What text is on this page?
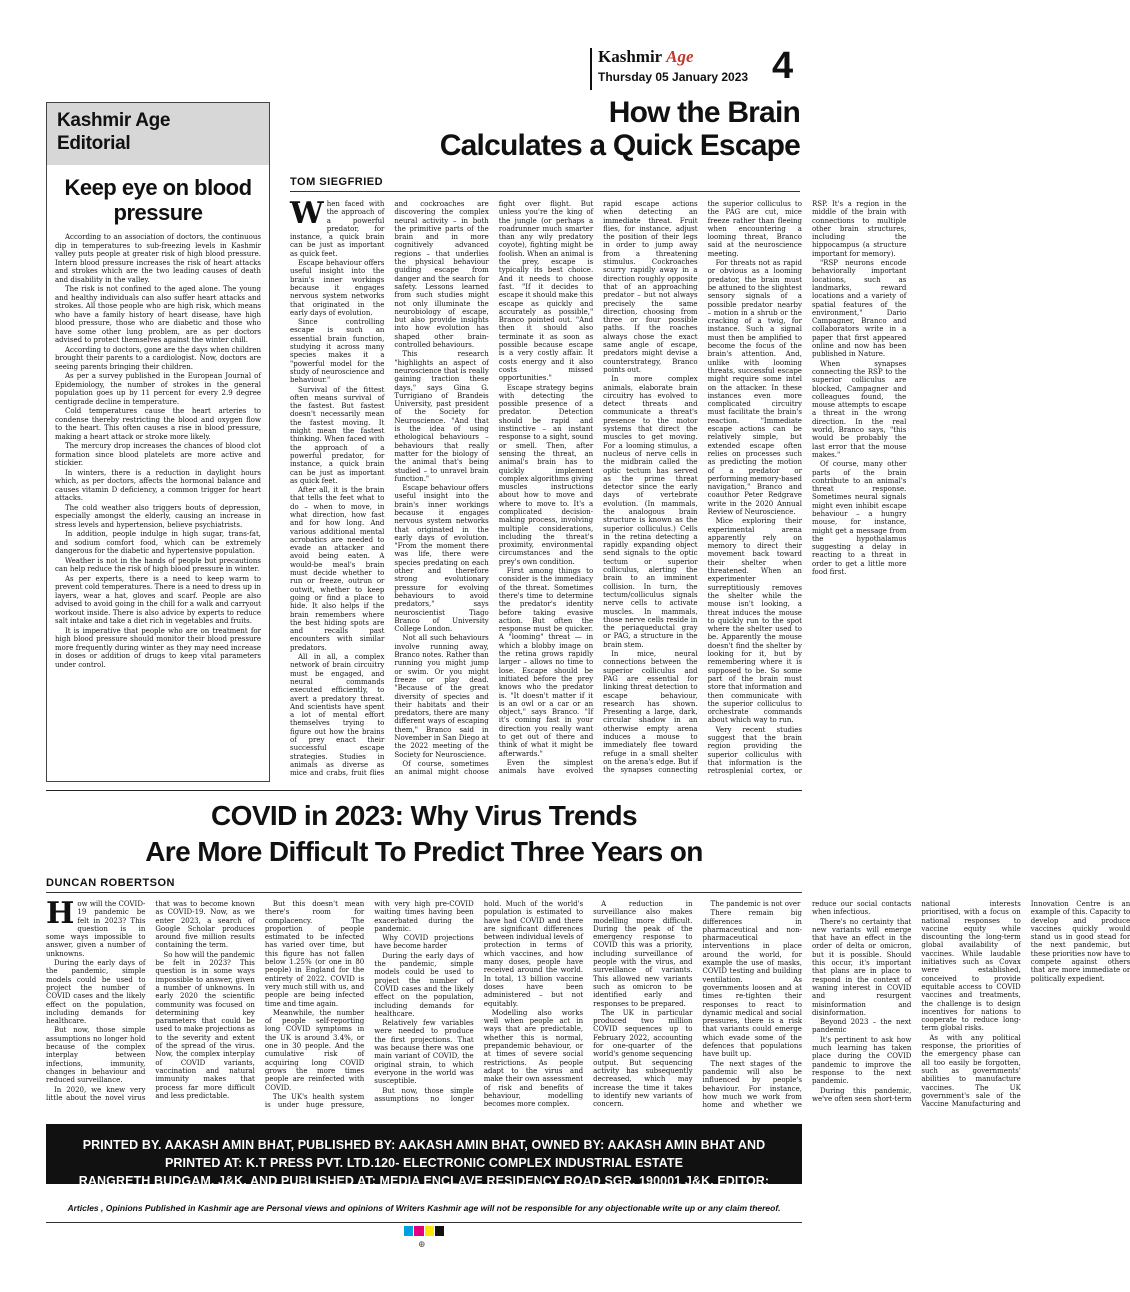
Kashmir Age
Thursday 05 January 2023 4
Kashmir Age
Editorial
Keep eye on blood pressure

According to an association of doctors, the continuous dip in temperatures to sub-freezing levels in Kashmir valley puts people at greater risk of high blood pressure. Intern blood pressure increases the risk of heart attacks and strokes which are the two leading causes of death and disability in the valley.

The risk is not confined to the aged alone. The young and healthy individuals can also suffer heart attacks and strokes. All those people who are high risk, which means who have a family history of heart disease, have high blood pressure, those who are diabetic and those who have some other lung problem, are as per doctors advised to protect themselves against the winter chill.

According to doctors, gone are the days when children brought their parents to a cardiologist. Now, doctors are seeing parents bringing their children.

As per a survey published in the European Journal of Epidemiology, the number of strokes in the general population goes up by 11 percent for every 2.9 degree centigrade decline in temperature.

Cold temperatures cause the heart arteries to condense thereby restricting the blood and oxygen flow to the heart. This often causes a rise in blood pressure, making a heart attack or stroke more likely.

The mercury drop increases the chances of blood clot formation since blood platelets are more active and stickier.

In winters, there is a reduction in daylight hours which, as per doctors, affects the hormonal balance and causes vitamin D deficiency, a common trigger for heart attacks.

The cold weather also triggers bouts of depression, especially amongst the elderly, causing an increase in stress levels and hypertension, believe psychiatrists.

In addition, people indulge in high sugar, trans-fat, and sodium comfort food, which can be extremely dangerous for the diabetic and hypertensive population.

Weather is not in the hands of people but precautions can help reduce the risk of high blood pressure in winter.

As per experts, there is a need to keep warm to prevent cold temperatures. There is a need to dress up in layers, wear a hat, gloves and scarf. People are also advised to avoid going in the chill for a walk and carryout workout inside. There is also advice by experts to reduce salt intake and take a diet rich in vegetables and fruits.

It is imperative that people who are on treatment for high blood pressure should monitor their blood pressure more frequently during winter as they may need increase in doses or addition of drugs to keep vital parameters under control.

How the Brain
Calculates a Quick Escape
TOM SIEGFRIED

When faced with the approach of a powerful predator, for instance, a quick brain can be just as important as quick feet.

Escape behaviour offers useful insight into the brain's inner workings because it engages nervous system networks that originated in the early days of evolution.

Since controlling escape is such an essential brain function, studying it across many species makes it a "powerful model for the study of neuroscience and behaviour."

Survival of the fittest often means survival of the fastest. But fastest doesn't necessarily mean the fastest moving. It might mean the fastest thinking. When faced with the approach of a powerful predator, for instance, a quick brain can be just as important as quick feet.

After all, it is the brain that tells the feet what to do – when to move, in what direction, how fast and for how long. And various additional mental acrobatics are needed to evade an attacker and avoid being eaten. A would-be meal's brain must decide whether to run or freeze, outrun or outwit, whether to keep going or find a place to hide. It also helps if the brain remembers where the best hiding spots are and recalls past encounters with similar predators.

All in all, a complex network of brain circuitry must be engaged, and neural commands executed efficiently, to avert a predatory threat. And scientists have spent a lot of mental effort themselves trying to figure out how the brains of prey enact their successful escape strategies. Studies in animals as diverse as mice and crabs, fruit flies and cockroaches are discovering the complex neural activity – in both the primitive parts of the brain and in more cognitively advanced regions – that underlies the physical behaviour guiding escape from danger and the search for safety. Lessons learned from such studies might not only illuminate the neurobiology of escape, but also provide insights into how evolution has shaped other brain-controlled behaviours.

This research "highlights an aspect of neuroscience that is really gaining traction these days," says Gina G. Turrigiano of Brandeis University, past president of the Society for Neuroscience. "And that is the idea of using ethological behaviours – behaviours that really matter for the biology of the animal that's being studied – to unravel brain function."

Escape behaviour offers useful insight into the brain's inner workings because it engages nervous system networks that originated in the early days of evolution. "From the moment there was life, there were species predating on each other and therefore strong evolutionary pressure for evolving behaviours to avoid predators," says neuroscientist Tiago Branco of University College London.

Not all such behaviours involve running away, Branco notes. Rather than running you might jump or swim. Or you might freeze or play dead. "Because of the great diversity of species and their habitats and their predators, there are many different ways of escaping them," Branco said in November in San Diego at the 2022 meeting of the Society for Neuroscience.

Of course, sometimes an animal might choose fight over flight. But unless you're the king of the jungle (or perhaps a roadrunner much smarter than any wily predatory coyote), fighting might be foolish. When an animal is the prey, escape is typically its best choice. And it needs to choose fast. "If it decides to escape it should make this escape as quickly and accurately as possible," Branco pointed out. "And then it should also terminate it as soon as possible because escape is a very costly affair. It costs energy and it also costs missed opportunities."

Escape strategy begins with detecting the possible presence of a predator. Detection should be rapid and instinctive – an instant response to a sight, sound or smell. Then, after sensing the threat, an animal's brain has to quickly implement complex algorithms giving muscles instructions about how to move and where to move to. It's a complicated decision-making process, involving multiple considerations, including the threat's proximity, environmental circumstances and the prey's own condition.

First among things to consider is the immediacy of the threat. Sometimes there's time to determine the predator's identity before taking evasive action. But often the response must be quicker. A "looming" threat — in which a blobby image on the retina grows rapidly larger – allows no time to lose. Escape should be initiated before the prey knows who the predator is. "It doesn't matter if it is an owl or a car or an object," says Branco. "If it's coming fast in your direction you really want to get out of there and think of what it might be afterwards."

Even the simplest animals have evolved rapid escape actions when detecting an immediate threat. Fruit flies, for instance, adjust the position of their legs in order to jump away from a threatening stimulus. Cockroaches scurry rapidly away in a direction roughly opposite that of an approaching predator – but not always precisely the same direction, choosing from three or four possible paths. If the roaches always chose the exact same angle of escape, predators might devise a counterstrategy, Branco points out.

In more complex animals, elaborate brain circuitry has evolved to detect threats and communicate a threat's presence to the motor systems that direct the muscles to get moving. For a looming stimulus, a nucleus of nerve cells in the midbrain called the optic tectum has served as the prime threat detector since the early days of vertebrate evolution. (In mammals, the analogous brain structure is known as the superior colliculus.) Cells in the retina detecting a rapidly expanding object send signals to the optic tectum or superior colliculus, alerting the brain to an imminent collision. In turn, the tectum/colliculus signals nerve cells to activate muscles. In mammals, those nerve cells reside in the periaqueductal gray or PAG, a structure in the brain stem.

In mice, neural connections between the superior colliculus and PAG are essential for linking threat detection to escape behaviour, research has shown. Presenting a large, dark, circular shadow in an otherwise empty arena induces a mouse to immediately flee toward refuge in a small shelter on the arena's edge. But if the synapses connecting the superior colliculus to the PAG are cut, mice freeze rather than fleeing when encountering a looming threat, Branco said at the neuroscience meeting.

For threats not as rapid or obvious as a looming predator, the brain must be attuned to the slightest sensory signals of a possible predator nearby – motion in a shrub or the cracking of a twig, for instance. Such a signal must then be amplified to become the focus of the brain's attention. And, unlike with looming threats, successful escape might require some intel on the attacker. In these instances even more complicated circuitry must facilitate the brain's reaction. "Immediate escape actions can be relatively simple, but extended escape often relies on processes such as predicting the motion of a predator or performing memory-based navigation," Branco and coauthor Peter Redgrave write in the 2020 Annual Review of Neuroscience.

Mice exploring their experimental arena apparently rely on memory to direct their movement back toward their shelter when threatened. When an experimenter surreptitiously removes the shelter while the mouse isn't looking, a threat induces the mouse to quickly run to the spot where the shelter used to be. Apparently the mouse doesn't find the shelter by looking for it, but by remembering where it is supposed to be. So some part of the brain must store that information and then communicate with the superior colliculus to orchestrate commands about which way to run.

Very recent studies suggest that the brain region providing the superior colliculus with that information is the retrosplenial cortex, or RSP. It's a region in the middle of the brain with connections to multiple other brain structures, including the hippocampus (a structure important for memory).

"RSP neurons encode behaviorally important locations, such as landmarks, reward locations and a variety of spatial features of the environment," Dario Campagner, Branco and collaborators write in a paper that first appeared online and now has been published in Nature.

When synapses connecting the RSP to the superior colliculus are blocked, Campagner and colleagues found, the mouse attempts to escape a threat in the wrong direction. In the real world, Branco says, "this would be probably the last error that the mouse makes."

Of course, many other parts of the brain contribute to an animal's threat response. Sometimes neural signals might even inhibit escape behaviour – a hungry mouse, for instance, might get a message from the hypothalamus suggesting a delay in reacting to a threat in order to get a little more food first.

COVID in 2023: Why Virus Trends
Are More Difficult To Predict Three Years on
DUNCAN ROBERTSON

How will the COVID-19 pandemic be felt in 2023? This question is in some ways impossible to answer, given a number of unknowns.

During the early days of the pandemic, simple models could be used to project the number of COVID cases and the likely effect on the population, including demands for healthcare.

But now, those simple assumptions no longer hold because of the complex interplay between infections, immunity, changes in behaviour and reduced surveillance.

In 2020, we knew very little about the novel virus that was to become known as COVID-19. Now, as we enter 2023, a search of Google Scholar produces around five million results containing the term.

So how will the pandemic be felt in 2023? This question is in some ways impossible to answer, given a number of unknowns. In early 2020 the scientific community was focused on determining key parameters that could be used to make projections as to the severity and extent of the spread of the virus. Now, the complex interplay of COVID variants, vaccination and natural immunity makes that process far more difficult and less predictable.

But this doesn't mean there's room for complacency. The proportion of people estimated to be infected has varied over time, but this figure has not fallen below 1.25% (or one in 80 people) in England for the entirety of 2022. COVID is very much still with us, and people are being infected time and time again.

Meanwhile, the number of people self-reporting long COVID symptoms in the UK is around 3.4%, or one in 30 people. And the cumulative risk of acquiring long COVID grows the more times people are reinfected with COVID.

The UK's health system is under huge pressure, with very high pre-COVID waiting times having been exacerbated during the pandemic.

Why COVID projections have become harder

During the early days of the pandemic, simple models could be used to project the number of COVID cases and the likely effect on the population, including demands for healthcare.

Relatively few variables were needed to produce the first projections. That was because there was one main variant of COVID, the original strain, to which everyone in the world was susceptible.

But now, those simple assumptions no longer hold. Much of the world's population is estimated to have had COVID and there are significant differences between individual levels of protection in terms of which vaccines, and how many doses, people have received around the world. In total, 13 billion vaccine doses have been administered – but not equitably.

Modelling also works well when people act in ways that are predictable, whether this is normal, prepandemic behaviour, or at times of severe social restrictions. As people adapt to the virus and make their own assessment of risk and benefits of behaviour, modelling becomes more complex.

A reduction in surveillance also makes modelling more difficult. During the peak of the emergency response to COVID this was a priority, including surveillance of people with the virus, and surveillance of variants. This allowed new variants such as omicron to be identified early and responses to be prepared.

The UK in particular produced two million COVID sequences up to February 2022, accounting for one-quarter of the world's genome sequencing output. But sequencing activity has subsequently decreased, which may increase the time it takes to identify new variants of concern.

The pandemic is not over

There remain big differences in pharmaceutical and non-pharmaceutical interventions in place around the world, for example the use of masks, COVID testing and building ventilation. As governments loosen and at times re-tighten their responses to react to dynamic medical and social pressures, there is a risk that variants could emerge which evade some of the defences that populations have built up.

The next stages of the pandemic will also be influenced by people's behaviour. For instance, how much we work from home and whether we reduce our social contacts when infectious.

There's no certainty that new variants will emerge that have an effect in the order of delta or omicron, but it is possible. Should this occur, it's important that plans are in place to respond in the context of waning interest in COVID and resurgent misinformation and disinformation.

Beyond 2023 – the next pandemic

It's pertinent to ask how much learning has taken place during the COVID pandemic to improve the response to the next pandemic.

During this pandemic, we've often seen short-term national interests prioritised, with a focus on national responses to vaccine equity while discounting the long-term global availability of vaccines. While laudable initiatives such as Covax were established, conceived to provide equitable access to COVID vaccines and treatments, the challenge is to design incentives for nations to cooperate to reduce long-term global risks.

As with any political response, the priorities of the emergency phase can all too easily be forgotten, such as governments' abilities to manufacture vaccines. The UK government's sale of the Vaccine Manufacturing and Innovation Centre is an example of this. Capacity to develop and produce vaccines quickly would stand us in good stead for the next pandemic, but these priorities now have to compete against others that are more immediate or politically expedient.

PRINTED BY. AAKASH AMIN BHAT, PUBLISHED BY: AAKASH AMIN BHAT, OWNED BY: AAKASH AMIN BHAT AND PRINTED AT: K.T PRESS PVT. LTD.120- ELECTRONIC COMPLEX INDUSTRIAL ESTATE
RANGRETH BUDGAM, J&K. AND PUBLISHED AT: MEDIA ENCLAVE RESIDENCY ROAD SGR. 190001 J&K. EDITOR: AAKASH AMIN BHAT, JKENG/2006/23952
Articles , Opinions Published in Kashmir age are Personal views and opinions of Writers Kashmir age will not be responsible for any objectionable write up or any claim thereof.
⊕
